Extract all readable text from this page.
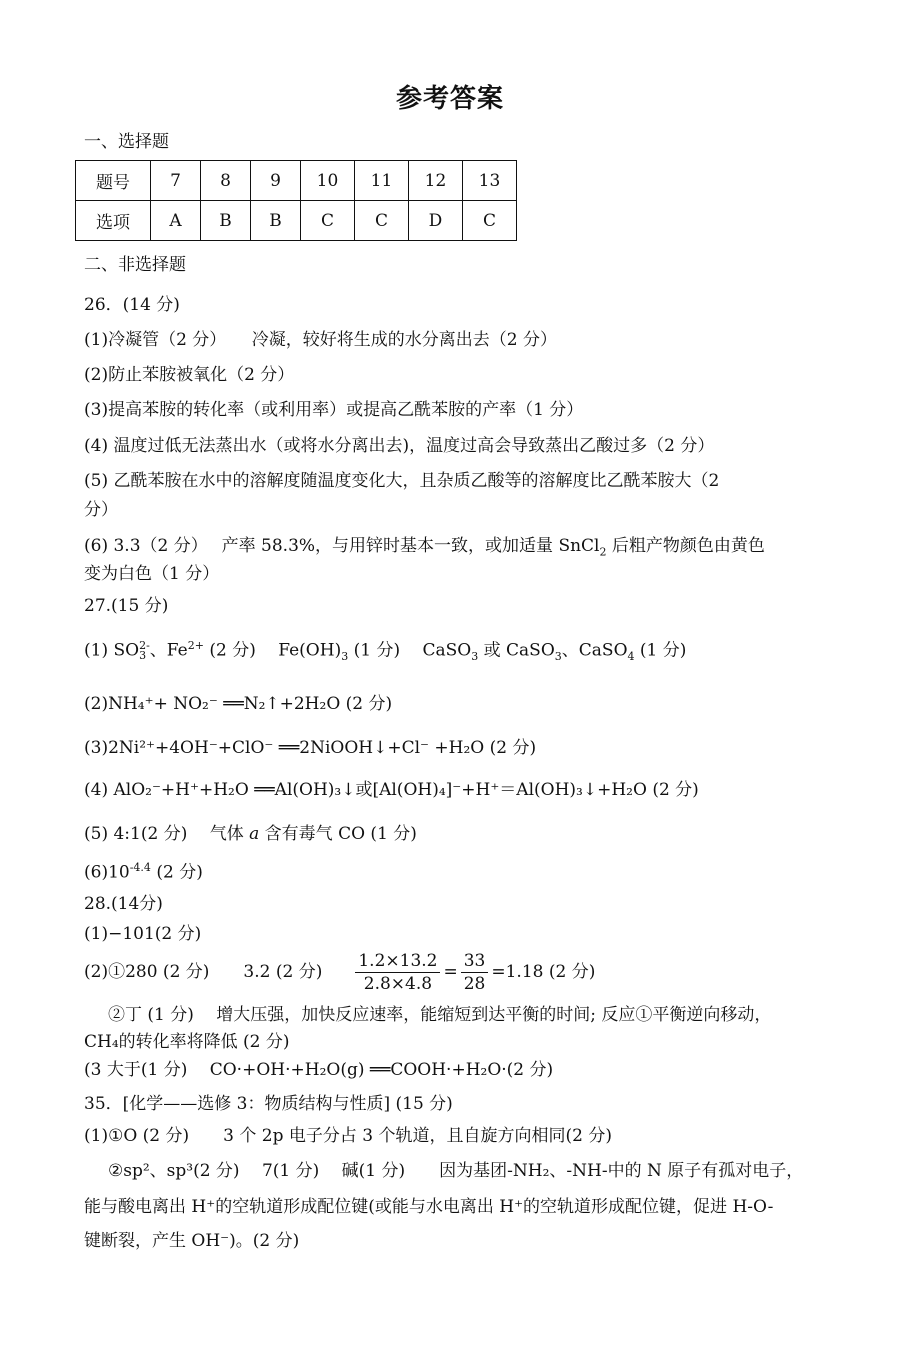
参考答案
一、选择题
题号	7	8	9	10	11	12	13
选项	A	B	B	C	C	D	C
二、非选择题
26．(14 分)
(1)冷凝管（2 分）　　冷凝，较好将生成的水分离出去（2 分）
(2)防止苯胺被氧化（2 分）
(3)提高苯胺的转化率（或利用率）或提高乙酰苯胺的产率（1 分）
(4) 温度过低无法蒸出水（或将水分离出去)，温度过高会导致蒸出乙酸过多（2 分）
(5) 乙酰苯胺在水中的溶解度随温度变化大，且杂质乙酸等的溶解度比乙酰苯胺大（2
分）
(6) 3.3（2 分）　 产率 58.3%，与用锌时基本一致，或加适量 SnCl$_2$ 后粗产物颜色由黄色
变为白色（1 分）
27.(15 分)
(1) SO 2-
3 、$Fe^{2+}$ (2 分)　 $Fe(OH)_3$ (1 分)　 CaSO$_3$ 或 CaSO$_3$、CaSO$_4$ (1 分)
(2)NH₄⁺+ NO₂⁻ ══N₂↑+2H₂O (2 分)
(3)2Ni²⁺+4OH⁻+ClO⁻ ══2NiOOH↓+Cl⁻ +H₂O (2 分)
(4) AlO₂⁻+H⁺+H₂O ══Al(OH)₃↓或[Al(OH)₄]⁻+H⁺＝Al(OH)₃↓+H₂O (2 分)
(5) 4:1(2 分)　 气体 a 含有毒气 CO (1 分)
$(6)10^{-4.4}$ (2 分)
28.(14分)
(1)−101(2 分)
(2)①280 (2 分)　　3.2 (2 分) $\frac{1.2\times 13.2}{2.8\times 4.8} = \frac{33}{28} =1.18$ (2 分)
②丁 (1 分)　 增大压强，加快反应速率，能缩短到达平衡的时间; 反应①平衡逆向移动，
CH₄的转化率将降低 (2 分)
(3 大于(1 分)　 CO·+OH·+H₂O(g) ══COOH·+H₂O·(2 分)
35．[化学——选修 3：物质结构与性质] (15 分)
(1)①O (2 分)　　3 个 2p 电子分占 3 个轨道，且自旋方向相同(2 分)
②sp²、sp³(2 分)　 7(1 分)　 碱(1 分)　　因为基团-NH₂、-NH-中的 N 原子有孤对电子，
能与酸电离出 H⁺的空轨道形成配位键(或能与水电离出 H⁺的空轨道形成配位键，促进 H-O-
键断裂，产生 OH⁻)。(2 分)
